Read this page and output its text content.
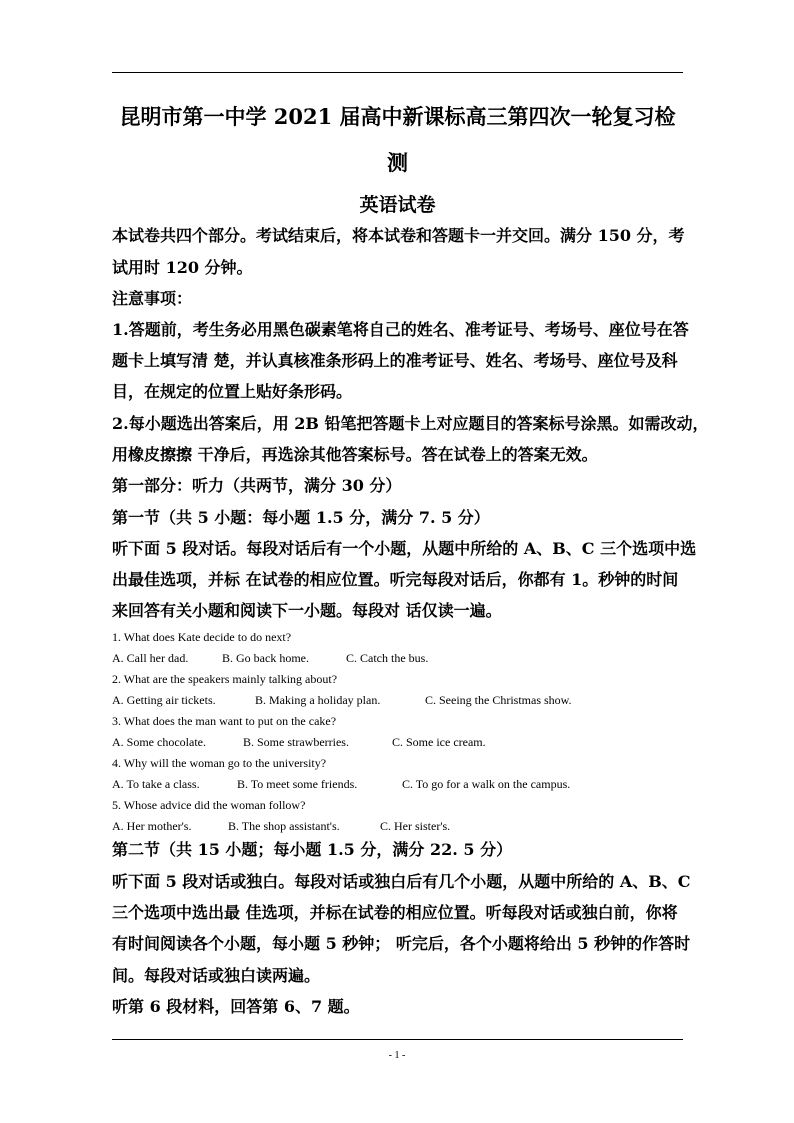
昆明市第一中学 2021 届高中新课标高三第四次一轮复习检
测
英语试卷
本试卷共四个部分。考试结束后，将本试卷和答题卡一并交回。满分 150 分，考
试用时 120 分钟。
注意事项：
1.答题前，考生务必用黑色碳素笔将自己的姓名、准考证号、考场号、座位号在答
题卡上填写清 楚，并认真核准条形码上的准考证号、姓名、考场号、座位号及科
目，在规定的位置上贴好条形码。
2.每小题选出答案后，用 2B 铅笔把答题卡上对应题目的答案标号涂黑。如需改动，
用橡皮擦擦 干净后，再选涂其他答案标号。答在试卷上的答案无效。
第一部分：听力（共两节，满分 30 分）
第一节（共 5 小题：每小题 1.5 分，满分 7. 5 分）
听下面 5 段对话。每段对话后有一个小题，从题中所给的 A、B、C 三个选项中选
出最佳选项，并标 在试卷的相应位置。听完每段对话后，你都有 1。秒钟的时间
来回答有关小题和阅读下一小题。每段对 话仅读一遍。
1. What does Kate decide to do next?
A. Call her dad.	B. Go back home.	C. Catch the bus.
2. What are the speakers mainly talking about?
A. Getting air tickets.	B. Making a holiday plan.	C. Seeing the Christmas show.
3. What does the man want to put on the cake?
A. Some chocolate.	B. Some strawberries.	C. Some ice cream.
4. Why will the woman go to the university?
A. To take a class.	B. To meet some friends.	C. To go for a walk on the campus.
5. Whose advice did the woman follow?
A. Her mother's.	B. The shop assistant's.	C. Her sister's.
第二节（共 15 小题；每小题 1.5 分，满分 22. 5 分）
听下面 5 段对话或独白。每段对话或独白后有几个小题，从题中所给的 A、B、C
三个选项中选出最 佳选项，并标在试卷的相应位置。听每段对话或独白前，你将
有时间阅读各个小题，每小题 5 秒钟； 听完后，各个小题将给出 5 秒钟的作答时
间。每段对话或独白读两遍。
听第 6 段材料，回答第 6、7 题。
- 1 -
